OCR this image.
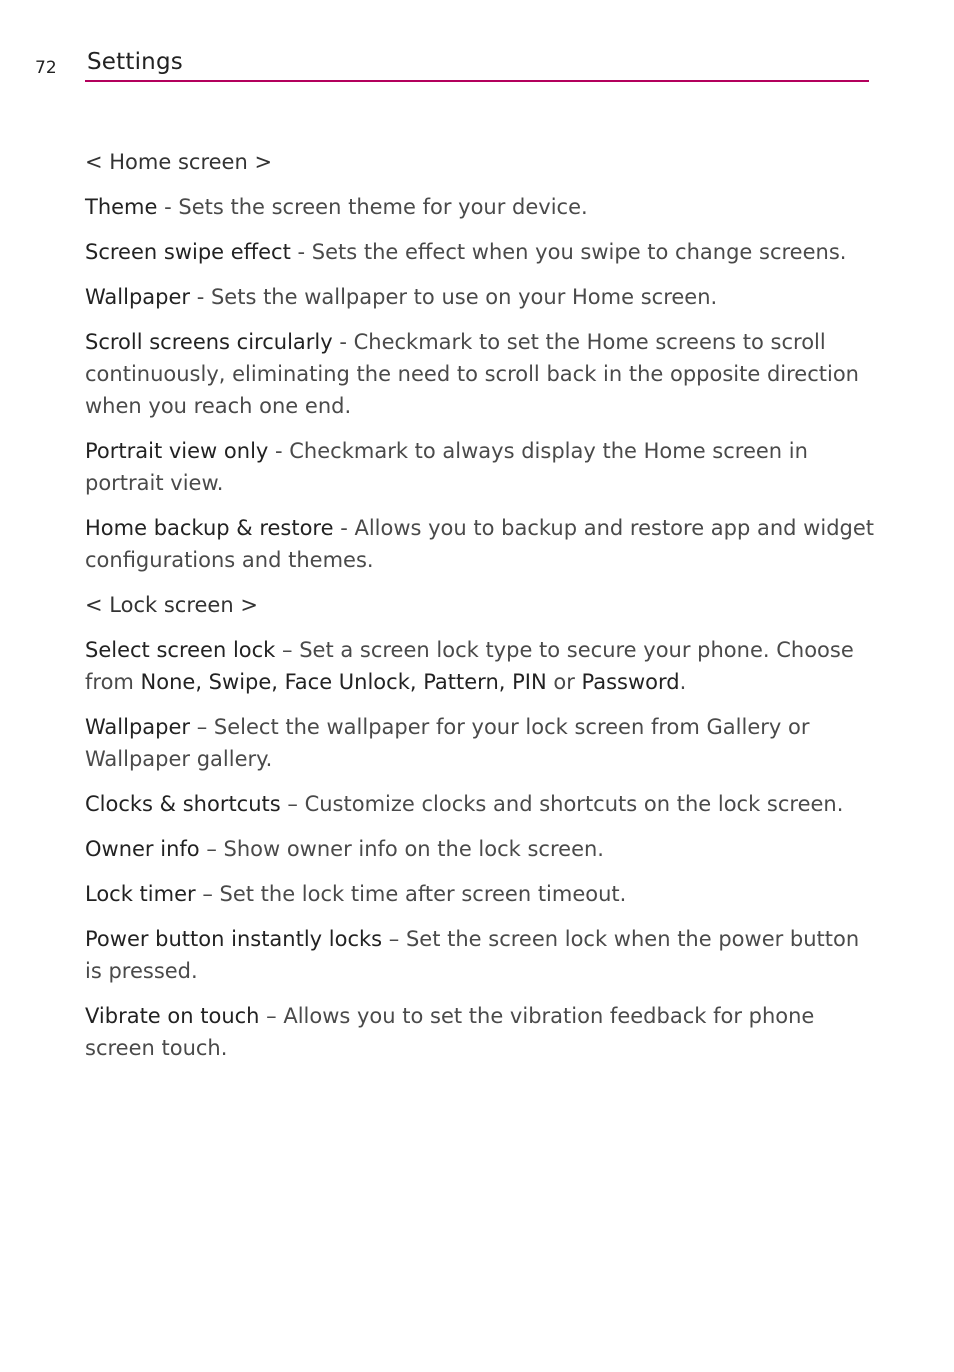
72 Settings

< Home screen >

Theme - Sets the screen theme for your device.

Screen swipe effect - Sets the effect when you swipe to change screens.

Wallpaper - Sets the wallpaper to use on your Home screen.

Scroll screens circularly - Checkmark to set the Home screens to scroll continuously, eliminating the need to scroll back in the opposite direction when you reach one end.

Portrait view only - Checkmark to always display the Home screen in portrait view.

Home backup & restore - Allows you to backup and restore app and widget configurations and themes.

< Lock screen >

Select screen lock – Set a screen lock type to secure your phone. Choose from None, Swipe, Face Unlock, Pattern, PIN or Password.

Wallpaper – Select the wallpaper for your lock screen from Gallery or Wallpaper gallery.

Clocks & shortcuts – Customize clocks and shortcuts on the lock screen.

Owner info – Show owner info on the lock screen.

Lock timer – Set the lock time after screen timeout.

Power button instantly locks – Set the screen lock when the power button is pressed.

Vibrate on touch – Allows you to set the vibration feedback for phone screen touch.
